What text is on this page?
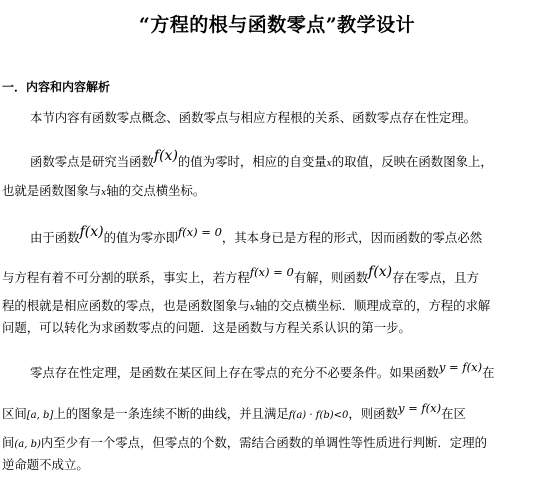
“方程的根与函数零点”教学设计
一．内容和内容解析
本节内容有函数零点概念、函数零点与相应方程根的关系、函数零点存在性定理。
函数零点是研究当函数f(x)的值为零时，相应的自变量x的取值，反映在函数图象上，
也就是函数图象与x轴的交点横坐标。
由于函数f(x)的值为零亦即f(x) = 0，其本身已是方程的形式，因而函数的零点必然
与方程有着不可分割的联系，事实上，若方程f(x) = 0有解，则函数f(x)存在零点，且方
程的根就是相应函数的零点，也是函数图象与x轴的交点横坐标．顺理成章的，方程的求解
问题，可以转化为求函数零点的问题．这是函数与方程关系认识的第一步。
零点存在性定理，是函数在某区间上存在零点的充分不必要条件。如果函数y = f(x)在
区间[a, b]上的图象是一条连续不断的曲线，并且满足f(a) · f(b)<0，则函数y = f(x)在区
间(a, b)内至少有一个零点，但零点的个数，需结合函数的单调性等性质进行判断．定理的
逆命题不成立。
